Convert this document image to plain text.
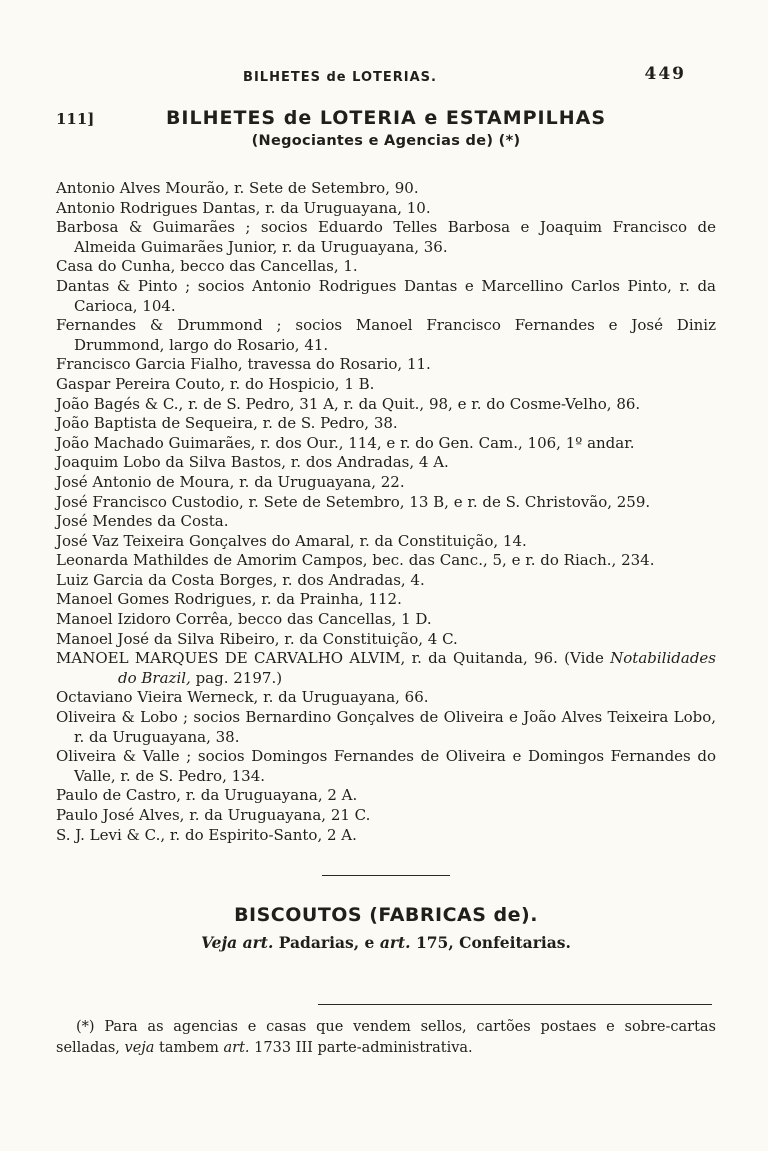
BILHETES de LOTERIAS.	449
111]	BILHETES de LOTERIA e ESTAMPILHAS
(Negociantes e Agencias de) (*)
Antonio Alves Mourão, r. Sete de Setembro, 90.
Antonio Rodrigues Dantas, r. da Uruguayana, 10.
Barbosa & Guimarães ; socios Eduardo Telles Barbosa e Joaquim Francisco de Almeida Guimarães Junior, r. da Uruguayana, 36.
Casa do Cunha, becco das Cancellas, 1.
Dantas & Pinto ; socios Antonio Rodrigues Dantas e Marcellino Carlos Pinto, r. da Carioca, 104.
Fernandes & Drummond ; socios Manoel Francisco Fernandes e José Diniz Drummond, largo do Rosario, 41.
Francisco Garcia Fialho, travessa do Rosario, 11.
Gaspar Pereira Couto, r. do Hospicio, 1 B.
João Bagés & C., r. de S. Pedro, 31 A, r. da Quit., 98, e r. do Cosme-Velho, 86.
João Baptista de Sequeira, r. de S. Pedro, 38.
João Machado Guimarães, r. dos Our., 114, e r. do Gen. Cam., 106, 1º andar.
Joaquim Lobo da Silva Bastos, r. dos Andradas, 4 A.
José Antonio de Moura, r. da Uruguayana, 22.
José Francisco Custodio, r. Sete de Setembro, 13 B, e r. de S. Christovão, 259.
José Mendes da Costa.
José Vaz Teixeira Gonçalves do Amaral, r. da Constituição, 14.
Leonarda Mathildes de Amorim Campos, bec. das Canc., 5, e r. do Riach., 234.
Luiz Garcia da Costa Borges, r. dos Andradas, 4.
Manoel Gomes Rodrigues, r. da Prainha, 112.
Manoel Izidoro Corrêa, becco das Cancellas, 1 D.
Manoel José da Silva Ribeiro, r. da Constituição, 4 C.
MANOEL MARQUES DE CARVALHO ALVIM, r. da Quitanda, 96. (Vide Notabilidades do Brazil, pag. 2197.)
Octaviano Vieira Werneck, r. da Uruguayana, 66.
Oliveira & Lobo ; socios Bernardino Gonçalves de Oliveira e João Alves Teixeira Lobo, r. da Uruguayana, 38.
Oliveira & Valle ; socios Domingos Fernandes de Oliveira e Domingos Fernandes do Valle, r. de S. Pedro, 134.
Paulo de Castro, r. da Uruguayana, 2 A.
Paulo José Alves, r. da Uruguayana, 21 C.
S. J. Levi & C., r. do Espirito-Santo, 2 A.
BISCOUTOS (FABRICAS de).
Veja art. Padarias, e art. 175, Confeitarias.
(*) Para as agencias e casas que vendem sellos, cartões postaes e sobre-cartas selladas, veja tambem art. 1733 III parte-administrativa.
